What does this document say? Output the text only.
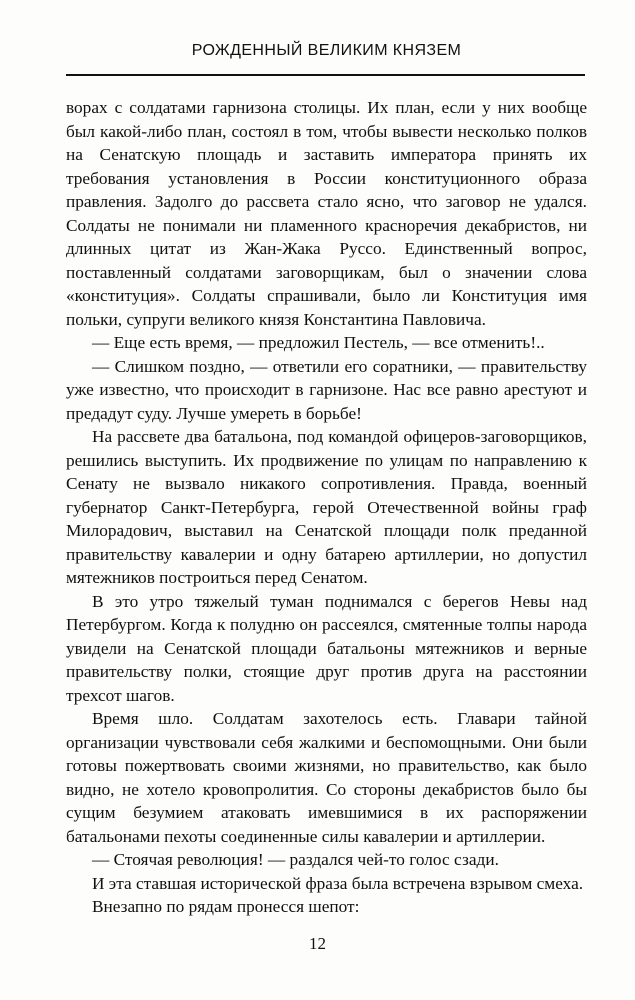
РОЖДЕННЫЙ ВЕЛИКИМ КНЯЗЕМ

ворах с солдатами гарнизона столицы. Их план, если у них вообще был какой-либо план, состоял в том, чтобы вывести несколько полков на Сенатскую площадь и заставить императора принять их требования установления в России конституционного образа правления. Задолго до рассвета стало ясно, что заговор не удался. Солдаты не понимали ни пламенного красноречия декабристов, ни длинных цитат из Жан-Жака Руссо. Единственный вопрос, поставленный солдатами заговорщикам, был о значении слова «конституция». Солдаты спрашивали, было ли Конституция имя польки, супруги великого князя Константина Павловича.

— Еще есть время, — предложил Пестель, — все отменить!..

— Слишком поздно, — ответили его соратники, — правительству уже известно, что происходит в гарнизоне. Нас все равно арестуют и предадут суду. Лучше умереть в борьбе!

На рассвете два батальона, под командой офицеров-заговорщиков, решились выступить. Их продвижение по улицам по направлению к Сенату не вызвало никакого сопротивления. Правда, военный губернатор Санкт-Петербурга, герой Отечественной войны граф Милорадович, выставил на Сенатской площади полк преданной правительству кавалерии и одну батарею артиллерии, но допустил мятежников построиться перед Сенатом.

В это утро тяжелый туман поднимался с берегов Невы над Петербургом. Когда к полудню он рассеялся, смятенные толпы народа увидели на Сенатской площади батальоны мятежников и верные правительству полки, стоящие друг против друга на расстоянии трехсот шагов.

Время шло. Солдатам захотелось есть. Главари тайной организации чувствовали себя жалкими и беспомощными. Они были готовы пожертвовать своими жизнями, но правительство, как было видно, не хотело кровопролития. Со стороны декабристов было бы сущим безумием атаковать имевшимися в их распоряжении батальонами пехоты соединенные силы кавалерии и артиллерии.

— Стоячая революция! — раздался чей-то голос сзади.

И эта ставшая исторической фраза была встречена взрывом смеха.

Внезапно по рядам пронесся шепот:

12
